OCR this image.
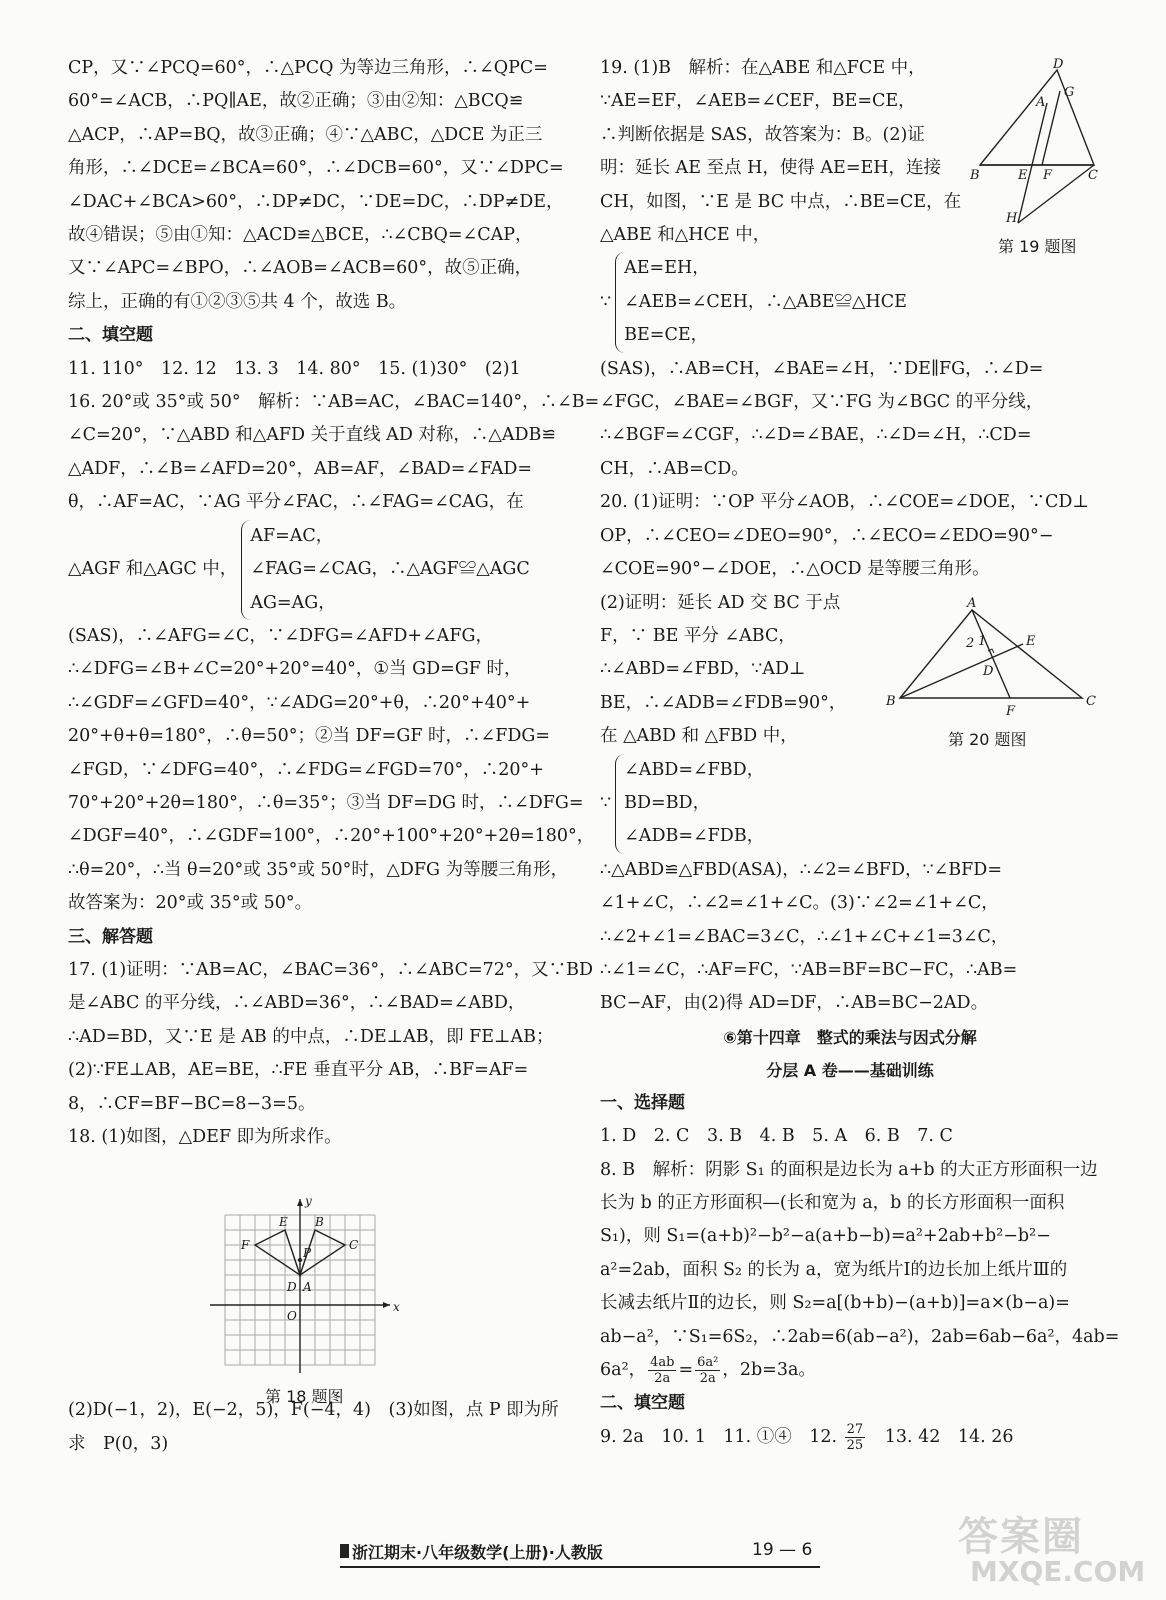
CP，又∵∠PCQ=60°，∴△PCQ 为等边三角形，∴∠QPC=
60°=∠ACB，∴PQ∥AE，故②正确；③由②知：△BCQ≌
△ACP，∴AP=BQ，故③正确；④∵△ABC，△DCE 为正三
角形，∴∠DCE=∠BCA=60°，∴∠DCB=60°，又∵∠DPC=
∠DAC+∠BCA>60°，∴DP≠DC，∵DE=DC，∴DP≠DE，
故④错误；⑤由①知：△ACD≌△BCE，∴∠CBQ=∠CAP，
又∵∠APC=∠BPO，∴∠AOB=∠ACB=60°，故⑤正确，
综上，正确的有①②③⑤共 4 个，故选 B。
二、填空题
11. 110°　12. 12　13. 3　14. 80°　15. (1)30°　(2)1
16. 20°或 35°或 50°　解析：∵AB=AC，∠BAC=140°，∴∠B=
∠C=20°，∵△ABD 和△AFD 关于直线 AD 对称，∴△ADB≌
△ADF，∴∠B=∠AFD=20°，AB=AF，∠BAD=∠FAD=
θ，∴AF=AC，∵AG 平分∠FAC，∴∠FAG=∠CAG，在
△AGF 和△AGC 中，
AF=AC，
∠FAG=∠CAG，∴△AGF≌△AGC
AG=AG，
(SAS)，∴∠AFG=∠C，∵∠DFG=∠AFD+∠AFG，
∴∠DFG=∠B+∠C=20°+20°=40°，①当 GD=GF 时，
∴∠GDF=∠GFD=40°，∵∠ADG=20°+θ，∴20°+40°+
20°+θ+θ=180°，∴θ=50°；②当 DF=GF 时，∴∠FDG=
∠FGD，∵∠DFG=40°，∴∠FDG=∠FGD=70°，∴20°+
70°+20°+2θ=180°，∴θ=35°；③当 DF=DG 时，∴∠DFG=
∠DGF=40°，∴∠GDF=100°，∴20°+100°+20°+2θ=180°，
∴θ=20°，∴当 θ=20°或 35°或 50°时，△DFG 为等腰三角形，
故答案为：20°或 35°或 50°。
三、解答题
17. (1)证明：∵AB=AC，∠BAC=36°，∴∠ABC=72°，又∵BD
是∠ABC 的平分线，∴∠ABD=36°，∴∠BAD=∠ABD，
∴AD=BD，又∵E 是 AB 的中点，∴DE⊥AB，即 FE⊥AB；
(2)∵FE⊥AB，AE=BE，∴FE 垂直平分 AB，∴BF=AF=
8，∴CF=BF−BC=8−3=5。
18. (1)如图，△DEF 即为所求作。
(2)D(−1，2)，E(−2，5)，F(−4，4)　(3)如图，点 P 即为所
求　P(0，3)
x
y
O
E B
F	C
D A
P
第 18 题图
19. (1)B　解析：在△ABE 和△FCE 中，
∵AE=EF，∠AEB=∠CEF，BE=CE，
∴判断依据是 SAS，故答案为：B。(2)证
明：延长 AE 至点 H，使得 AE=EH，连接
CH，如图，∵E 是 BC 中点，∴BE=CE，在
△ABE 和△HCE 中，
∵
AE=EH，
∠AEB=∠CEH，∴△ABE≌△HCE
BE=CE，
(SAS)，∴AB=CH，∠BAE=∠H，∵DE∥FG，∴∠D=
∠FGC，∠BAE=∠BGF，又∵FG 为∠BGC 的平分线，
∴∠BGF=∠CGF，∴∠D=∠BAE，∴∠D=∠H，∴CD=
CH，∴AB=CD。
20. (1)证明：∵OP 平分∠AOB，∴∠COE=∠DOE，∵CD⊥
OP，∴∠CEO=∠DEO=90°，∴∠ECO=∠EDO=90°−
∠COE=90°−∠DOE，∴△OCD 是等腰三角形。
(2)证明：延长 AD 交 BC 于点
F，∵ BE 平分 ∠ABC，
∴∠ABD=∠FBD，∵AD⊥
BE，∴∠ADB=∠FDB=90°，
在 △ABD 和 △FBD 中，
∵
∠ABD=∠FBD，
BD=BD，
∠ADB=∠FDB，
∴△ABD≌△FBD(ASA)，∴∠2=∠BFD，∵∠BFD=
∠1+∠C，∴∠2=∠1+∠C。(3)∵∠2=∠1+∠C，
∴∠2+∠1=∠BAC=3∠C，∴∠1+∠C+∠1=3∠C，
∴∠1=∠C，∴AF=FC，∵AB=BF=BC−FC，∴AB=
BC−AF，由(2)得 AD=DF，∴AB=BC−2AD。
⑥第十四章　整式的乘法与因式分解
分层 A 卷——基础训练
一、选择题
1. D　2. C　3. B　4. B　5. A　6. B　7. C
8. B　解析：阴影 S₁ 的面积是边长为 a+b 的大正方形面积一边
长为 b 的正方形面积—(长和宽为 a，b 的长方形面积一面积
S₁)，则 S₁=(a+b)²−b²−a(a+b−b)=a²+2ab+b²−b²−
a²=2ab，面积 S₂ 的长为 a，宽为纸片Ⅰ的边长加上纸片Ⅲ的
长减去纸片Ⅱ的边长，则 S₂=a[(b+b)−(a+b)]=a×(b−a)=
ab−a²，∵S₁=6S₂，∴2ab=6(ab−a²)，2ab=6ab−6a²，4ab=
6a²， $\frac{4ab}{2a} = \frac{\text{6a²}}{2a}$ ，2b=3a。
二、填空题
9. 2a　10. 1　11. ①④　12. $\frac{27}{25}$ 　13. 42　14. 26
D
A
G
B	E F	C
H
第 19 题图
A
2 1	E
D
B
F
C
第 20 题图
浙江期末·八年级数学(上册)·人教版	19 — 6	答案圈
MXQE.COM
